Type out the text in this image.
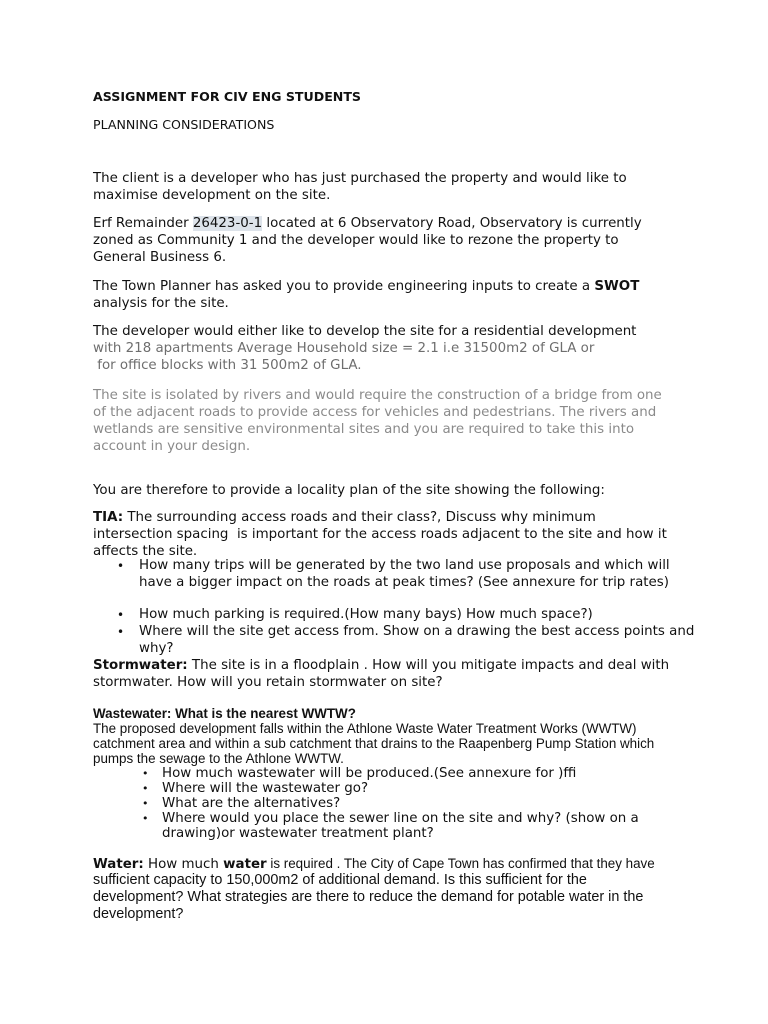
ASSIGNMENT FOR CIV ENG STUDENTS

PLANNING CONSIDERATIONS

The client is a developer who has just purchased the property and would like to maximise development on the site.

Erf Remainder 26423-0-1 located at 6 Observatory Road, Observatory is currently zoned as Community 1 and the developer would like to rezone the property to General Business 6.

The Town Planner has asked you to provide engineering inputs to create a SWOT analysis for the site.

The developer would either like to develop the site for a residential development
with 218 apartments Average Household size = 2.1 i.e 31500m2 of GLA or
for office blocks with 31 500m2 of GLA.

The site is isolated by rivers and would require the construction of a bridge from one of the adjacent roads to provide access for vehicles and pedestrians. The rivers and wetlands are sensitive environmental sites and you are required to take this into account in your design.

You are therefore to provide a locality plan of the site showing the following:

TIA: The surrounding access roads and their class?, Discuss why minimum intersection spacing  is important for the access roads adjacent to the site and how it affects the site.

• How many trips will be generated by the two land use proposals and which will have a bigger impact on the roads at peak times? (See annexure for trip rates)
• How much parking is required.(How many bays) How much space?)
• Where will the site get access from. Show on a drawing the best access points and why?

Stormwater: The site is in a floodplain . How will you mitigate impacts and deal with stormwater. How will you retain stormwater on site?

Wastewater: What is the nearest WWTW?

The proposed development falls within the Athlone Waste Water Treatment Works (WWTW) catchment area and within a sub catchment that drains to the Raapenberg Pump Station which pumps the sewage to the Athlone WWTW.

• How much wastewater will be produced.(See annexure for )ffi
• Where will the wastewater go?
• What are the alternatives?
• Where would you place the sewer line on the site and why? (show on a drawing)or wastewater treatment plant?

Water: How much water is required . The City of Cape Town has confirmed that they have

sufficient capacity to 150,000m2 of additional demand. Is this sufficient for the development? What strategies are there to reduce the demand for potable water in the development?
